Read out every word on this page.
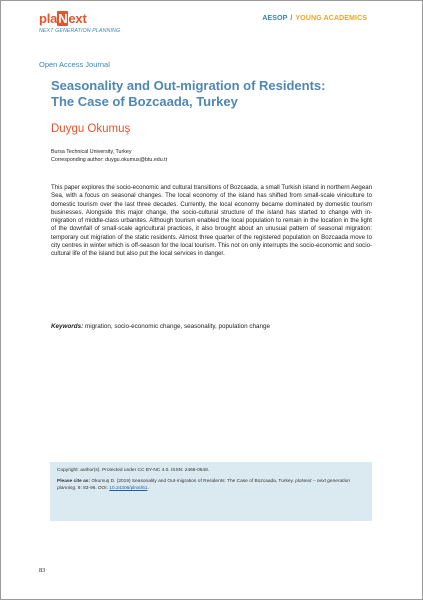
plaNext
NEXT GENERATION PLANNING
AESOP / YOUNG ACADEMICS
Open Access Journal
Seasonality and Out-migration of Residents:
The Case of Bozcaada, Turkey
Duygu Okumuş
Bursa Technical University, Turkey
Corresponding author: duygu.okumus@btu.edu.tr

This paper explores the socio-economic and cultural transitions of Bozcaada, a small Turkish island in northern Aegean Sea, with a focus on seasonal changes. The local economy of the island has shifted from small-scale viniculture to domestic tourism over the last three decades. Currently, the local economy became dominated by domestic tourism businesses. Alongside this major change, the socio-cultural structure of the island has started to change with in-migration of middle-class urbanites. Although tourism enabled the local population to remain in the location in the light of the downfall of small-scale agricultural practices, it also brought about an unusual pattern of seasonal migration: temporary out migration of the static residents. Almost three quarter of the registered population on Bozcaada move to city centres in winter which is off-season for the local tourism. This not on only interrupts the socio-economic and socio-cultural life of the island but also put the local services in danger.

Keywords: migration, socio-economic change, seasonality, population change
Copyright: author(s). Protected under CC BY-NC 4.0. ISSN: 2468-0648.
Please cite as: Okumuş D. (2019) Seasonality and Out-migration of Residents: The Case of Bozcaada, Turkey. plaNext – next generation planning. 9: 83-96. DOI: 10.24306/plnxt/61.
83
